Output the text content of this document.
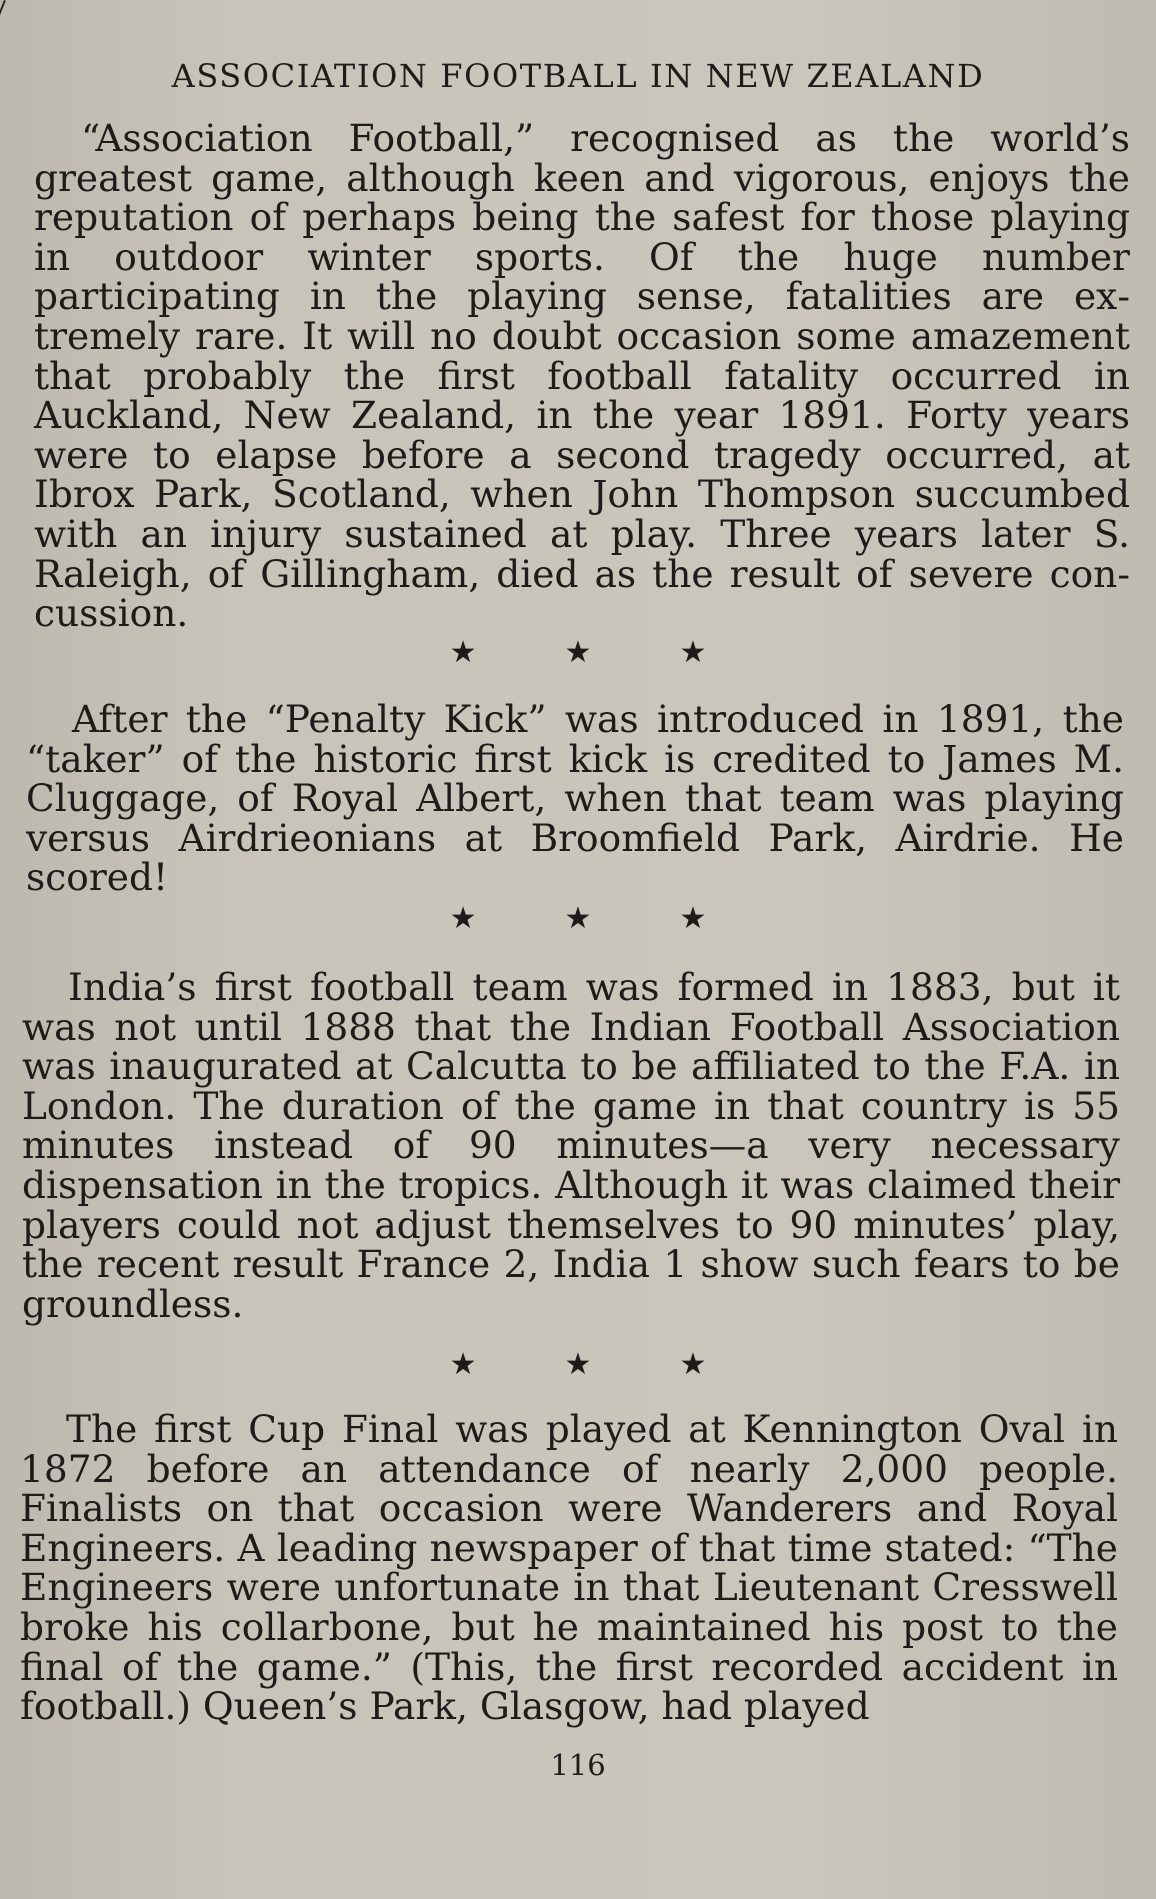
ASSOCIATION FOOTBALL IN NEW ZEALAND

“Association Football,” recognised as the world’s greatest game, although keen and vigorous, enjoys the reputation of perhaps being the safest for those playing in outdoor winter sports. Of the huge number participating in the playing sense, fatalities are extremely rare. It will no doubt occasion some amazement that probably the first football fatality occurred in Auckland, New Zealand, in the year 1891. Forty years were to elapse before a second tragedy occurred, at Ibrox Park, Scotland, when John Thompson succumbed with an injury sustained at play. Three years later S. Raleigh, of Gillingham, died as the result of severe concussion.

★	★	★

After the “Penalty Kick” was introduced in 1891, the “taker” of the historic first kick is credited to James M. Cluggage, of Royal Albert, when that team was playing versus Airdrieonians at Broomfield Park, Airdrie. He scored!

★	★	★

India’s first football team was formed in 1883, but it was not until 1888 that the Indian Football Association was inaugurated at Calcutta to be affiliated to the F.A. in London. The duration of the game in that country is 55 minutes instead of 90 minutes—a very necessary dispensation in the tropics. Although it was claimed their players could not adjust themselves to 90 minutes’ play, the recent result France 2, India 1 show such fears to be groundless.

★	★	★

The first Cup Final was played at Kennington Oval in 1872 before an attendance of nearly 2,000 people. Finalists on that occasion were Wanderers and Royal Engineers. A leading newspaper of that time stated: “The Engineers were unfortunate in that Lieutenant Cresswell broke his collarbone, but he maintained his post to the final of the game.” (This, the first recorded accident in football.) Queen’s Park, Glasgow, had played

116
